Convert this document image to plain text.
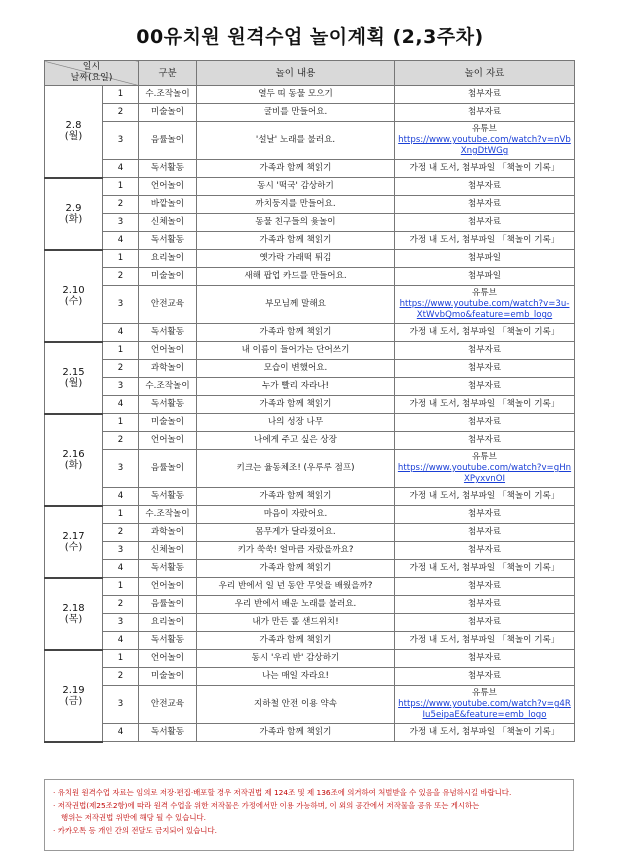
00유치원 원격수업 놀이계획 (2,3주차)
일시
날짜(요일)		구분	놀이 내용	놀이 자료
2.8
(월)	1	수.조작놀이	열두 띠 동물 모으기	첨부자료

	2	미술놀이	굴비를 만들어요.	첨부자료

	3	음률놀이	'설날' 노래를 불러요.	유튜브
https://www.youtube.com/watch?v=nVbXngDtWGg

	4	독서활동	가족과 함께 책읽기	가정 내 도서, 첨부파일 「책놀이 기록」

2.9
(화)	1	언어놀이	동시 '떡국' 감상하기	첨부자료

	2	바깥놀이	까치둥지를 만들어요.	첨부자료

	3	신체놀이	동물 친구들의 윷놀이	첨부자료

	4	독서활동	가족과 함께 책읽기	가정 내 도서, 첨부파일 「책놀이 기록」

2.10
(수)	1	요리놀이	옛가락 가래떡 튀김	첨부파일

	2	미술놀이	새해 팝업 카드를 만들어요.	첨부파일

	3	안전교육	부모님께 말해요	유튜브
https://www.youtube.com/watch?v=3u-XtWvbQmo&feature=emb_logo

	4	독서활동	가족과 함께 책읽기	가정 내 도서, 첨부파일 「책놀이 기록」

2.15
(월)	1	언어놀이	내 이름이 들어가는 단어쓰기	첨부자료

	2	과학놀이	모습이 변했어요.	첨부자료

	3	수.조작놀이	누가 빨리 자라나!	첨부자료

	4	독서활동	가족과 함께 책읽기	가정 내 도서, 첨부파일 「책놀이 기록」

2.16
(화)	1	미술놀이	나의 성장 나무	첨부자료

	2	언어놀이	나에게 주고 싶은 상장	첨부자료

	3	음률놀이	키크는 율동체조! (우루루 점프)	유튜브
https://www.youtube.com/watch?v=gHnXPyxvnOI

	4	독서활동	가족과 함께 책읽기	가정 내 도서, 첨부파일 「책놀이 기록」

2.17
(수)	1	수.조작놀이	마음이 자랐어요.	첨부자료

	2	과학놀이	몸무게가 달라졌어요.	첨부자료

	3	신체놀이	키가 쑥쑥! 얼마큼 자랐을까요?	첨부자료

	4	독서활동	가족과 함께 책읽기	가정 내 도서, 첨부파일 「책놀이 기록」

2.18
(목)	1	언어놀이	우리 반에서 일 년 동안 무엇을 배웠을까?	첨부자료

	2	음률놀이	우리 반에서 배운 노래를 불러요.	첨부자료

	3	요리놀이	내가 만든 롤 샌드위치!	첨부자료

	4	독서활동	가족과 함께 책읽기	가정 내 도서, 첨부파일 「책놀이 기록」

2.19
(금)	1	언어놀이	동시 '우리 반' 감상하기	첨부자료

	2	미술놀이	나는 매일 자라요!	첨부자료

	3	안전교육	지하철 안전 이용 약속	유튜브
https://www.youtube.com/watch?v=g4RIu5eipaE&feature=emb_logo

	4	독서활동	가족과 함께 책읽기	가정 내 도서, 첨부파일 「책놀이 기록」
· 유치원 원격수업 자료는 임의로 저장·편집·배포할 경우 저작권법 제 124조 및 제 136조에 의거하여 처벌받을 수 있음을 유념하시길 바랍니다.
· 저작권법(제25조2항)에 따라 원격 수업을 위한 저작물은 가정에서만 이용 가능하며, 이 외의 공간에서 저작물을 공유 또는 게시하는
행위는 저작권법 위반에 해당 될 수 있습니다.
· 카카오톡 등 개인 간의 전달도 금지되어 있습니다.
